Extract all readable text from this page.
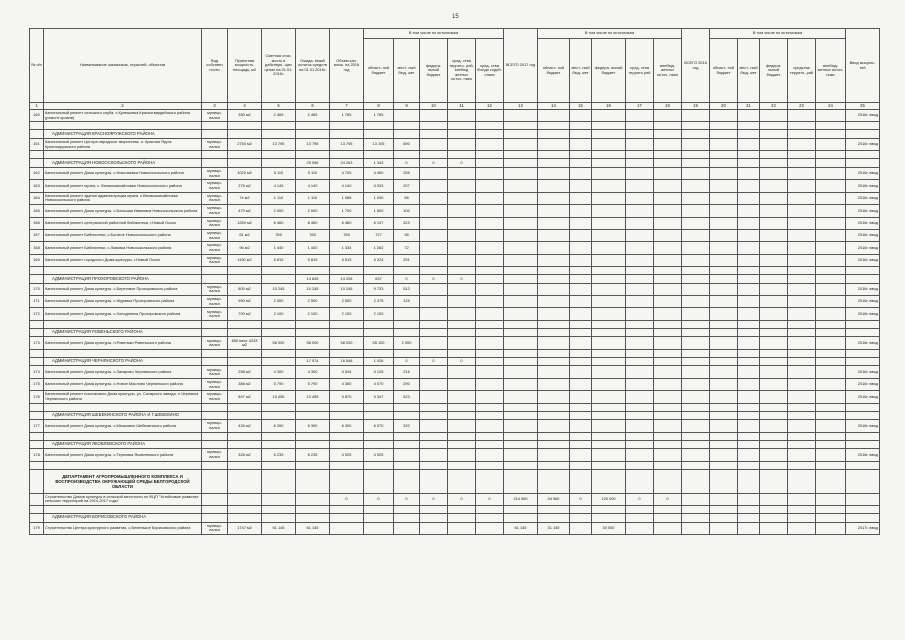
15
№ п/п	Наименование заказчиков, отраслей, объектов	Вид собствен ности	Проектная мощность, площадь, м2	Сметная стои- мость в действую- щих ценах на 01.01. 2016г.	Ожида- емый остаток средств на 01.01.2016г.	Объем кап. влож. на 2016 год	В том числе по источникам					ВСЕГО 2017 год	В том числе по источникам					ВСЕГО 2018 год	В том числе по источникам					Ввод мощнос- тей
							област- ной бюджет	мест- ный бюд- жет	федера- льный бюджет	сред- ства террито- рий, внебюд жетных источ- ники	сред- ства Фонда содей- ствия		област- ной бюджет	мест- ный бюд- жет	федера- льный бюджет	сред- ства террито рий	внебюд- жетных источ- ники		област- ной бюджет	мест- ный бюд- жет	федера- льный бюджет	средства террито- рий	внебюд- жетных источ- ники	
1	2	3	4	5	6	7	8	9	10	11	12	13	14	15	16	17	18	19	20	21	22	23	24	25
160	Капитальный ремонт сельского клуба, с.Кулешовка Красногвардейского района (ремонт кровли)	муници- пальн	350 м2	2 465	2 465	1 765	1 765																	2016г. ввод

	АДМИНИСТРАЦИЯ КРАСНОЯРУЖСКОГО РАЙОНА																							
161	Капитальный ремонт Центра народного творчества, п. Красная Яруга Краснояружского района	муници- пальн	2750 м2	13 795	13 795	13 795	13 105	690																2016г. ввод

	АДМИНИСТРАЦИЯ НОВООСКОЛЬСКОГО РАЙОНА				25 596	24 263	1 343	0	0	0														
162	Капитальный ремонт Дома культуры, с.Николаевка Новооскольского района	муници- пальн	1020 м2	5 110	5 110	4 705	4 450	255																2016г. ввод
163	Капитальный ремонт музея, с. Великомихайловка Новооскольского района	муници- пальн	276 м2	4 145	4 140	4 140	3 933	207																2016г. ввод
164	Капитальный ремонт здания администрации музея, с.Великомихайловка Новооскольского района	муници- пальн	74 м2	1 110	1 110	1 088	1 030	58																2016г. ввод
165	Капитальный ремонт Дома культуры, с.Большая Ивановка Новооскольского района	муници- пальн	470 м2	2 000	2 000	1 700	1 600	100																2016г. ввод
166	Капитальный ремонт центральной районной библиотеки, г.Новый Оскол	муници- пальн	1260 м2	8 460	8 460	6 460	6 137	323																2016г. ввод
167	Капитальный ремонт Библиотеки, с.Богатое Новооскольского района	муници- пальн	61 м2	765	765	765	727	38																2016г. ввод
168	Капитальный ремонт Библиотеки, с.Львовка Новооскольского района	муници- пальн	96 м2	1 440	1 440	1 334	1 262	72																2016г. ввод
169	Капитальный ремонт городского Дома культуры, г.Новый Оскол	муници- пальн	1150 м2	5 815	5 815	5 515	5 224	291																2016г. ввод

	АДМИНИСТРАЦИЯ ПРОХОРОВСКОГО РАЙОНА				14 845	14 208	637	0	0	0														
170	Капитальный ремонт Дома культуры, с.Береговое Прохоровского района	муници- пальн	800 м2	10 245	10 245	10 245	9 733	512																2016г. ввод
171	Капитальный ремонт Дома культуры, с.Журавка Прохоровского района	муници- пальн	950 м2	2 500	2 500	2 500	2 375	125																2016г. ввод
172	Капитальный ремонт Дома культуры, с.Холоднянка Прохоровского района	муници- пальн	700 м2	2 100	2 100	2 100	2 100																	2016г. ввод

	АДМИНИСТРАЦИЯ РОВЕНЬСКОГО РАЙОНА																							
173	Капитальный ремонт Дома культуры, п.Ровеньки Ровеньского района	муници- пальн	650 мест 4233 м2	58 000	58 000	58 000	55 100	2 900																2016г. ввод

	АДМИНИСТРАЦИЯ ЧЕРНЯНСКОГО РАЙОНА				17 574	16 548	1 026	0	0	0														
174	Капитальный ремонт Дома культуры, с.Захарово Чернянского района	муници- пальн	258 м2	4 300	4 300	3 344	3 128	216																2016г. ввод
175	Капитальный ремонт Дома культуры, с.Новое Маслово Чернянского района	муници- пальн	386 м2	5 790	5 790	4 360	4 070	290																2016г. ввод
176	Капитальный ремонт поселкового Дома культуры, ул. Сахарного завода, п.Чернянка Чернянского района	муници- пальн	897 м2	10 455	10 455	9 870	9 347	523																2016г. ввод

	АДМИНИСТРАЦИЯ ШЕБЕКИНСКОГО РАЙОНА И Г.ШЕБЕКИНО																							
177	Капитальный ремонт Дома культуры, с.Мешковое Шебекинского района	муници- пальн	426 м2	6 390	6 390	6 390	6 070	320																2016г. ввод

	АДМИНИСТРАЦИЯ ЯКОВЛЕВСКОГО РАЙОНА																							
178	Капитальный ремонт Дома культуры, с.Терновка Яковлевского района	муници- пальн	328 м2	6 235	6 235	4 925	4 925																	2016г. ввод

	ДЕПАРТАМЕНТ АГРОПРОМЫШЛЕННОГО КОМПЛЕКСА И ВОСПРОИЗВОДСТВА ОКРУЖАЮЩЕЙ СРЕДЫ БЕЛГОРОДСКОЙ ОБЛАСТИ																							
	Строительство Домов культуры в сельской местности по ФЦП "Устойчивое развитие сельских территорий на 2014-2017 годы"					0	0	0	0	0	0	214 960	94 960	0	120 000	0	0							

	АДМИНИСТРАЦИЯ БОРИСОВСКОГО РАЙОНА																							
179	Строительство Центра культурного развития, с.Беленькое Борисовского района	муници- пальн	1747 м2	61 145	61 145							61 145	31 145		30 000									2017г. ввод
